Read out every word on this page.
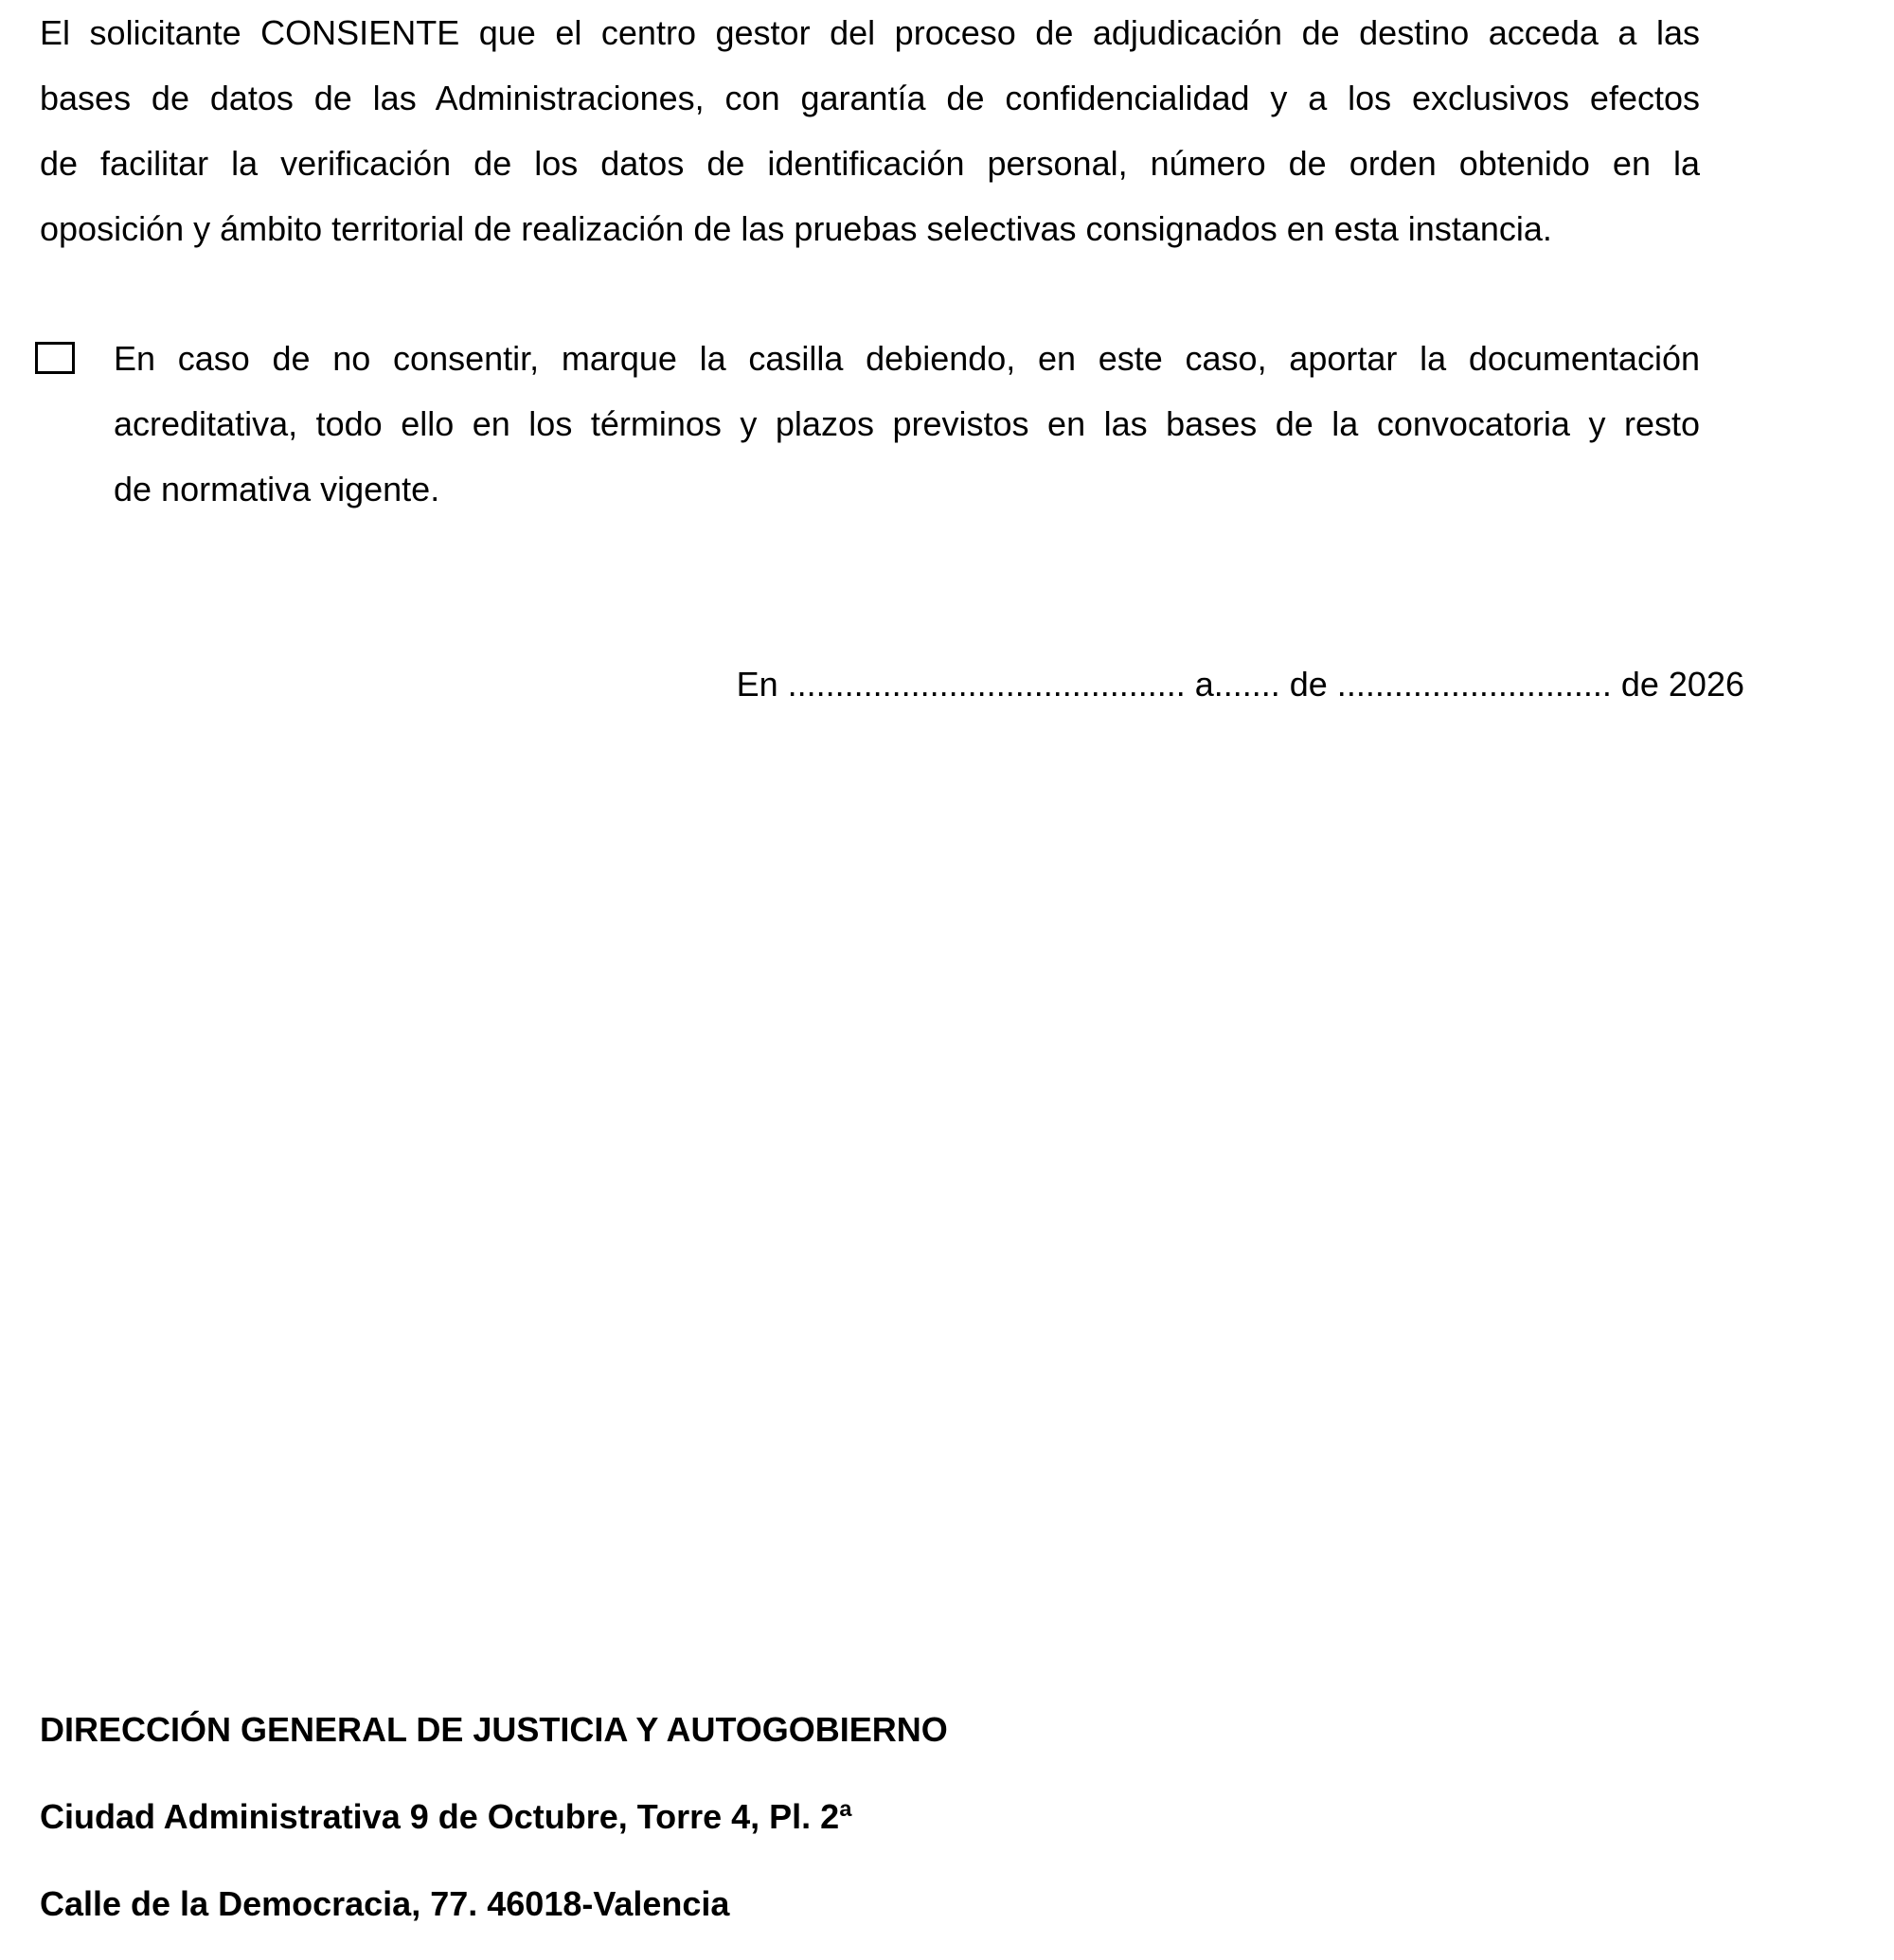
El solicitante CONSIENTE que el centro gestor del proceso de adjudicación de destino acceda a las
bases de datos de las Administraciones, con garantía de confidencialidad y a los exclusivos efectos
de facilitar la verificación de los datos de identificación personal, número de orden obtenido en la
oposición y ámbito territorial de realización de las pruebas selectivas consignados en esta instancia.
En caso de no consentir, marque la casilla debiendo, en este caso, aportar la documentación
acreditativa, todo ello en los términos y plazos previstos en las bases de la convocatoria y resto
de normativa vigente.
En .......................................... a....... de ............................. de 2026
DIRECCIÓN GENERAL DE JUSTICIA Y AUTOGOBIERNO
Ciudad Administrativa 9 de Octubre, Torre 4, Pl. 2ª
Calle de la Democracia, 77. 46018-Valencia
